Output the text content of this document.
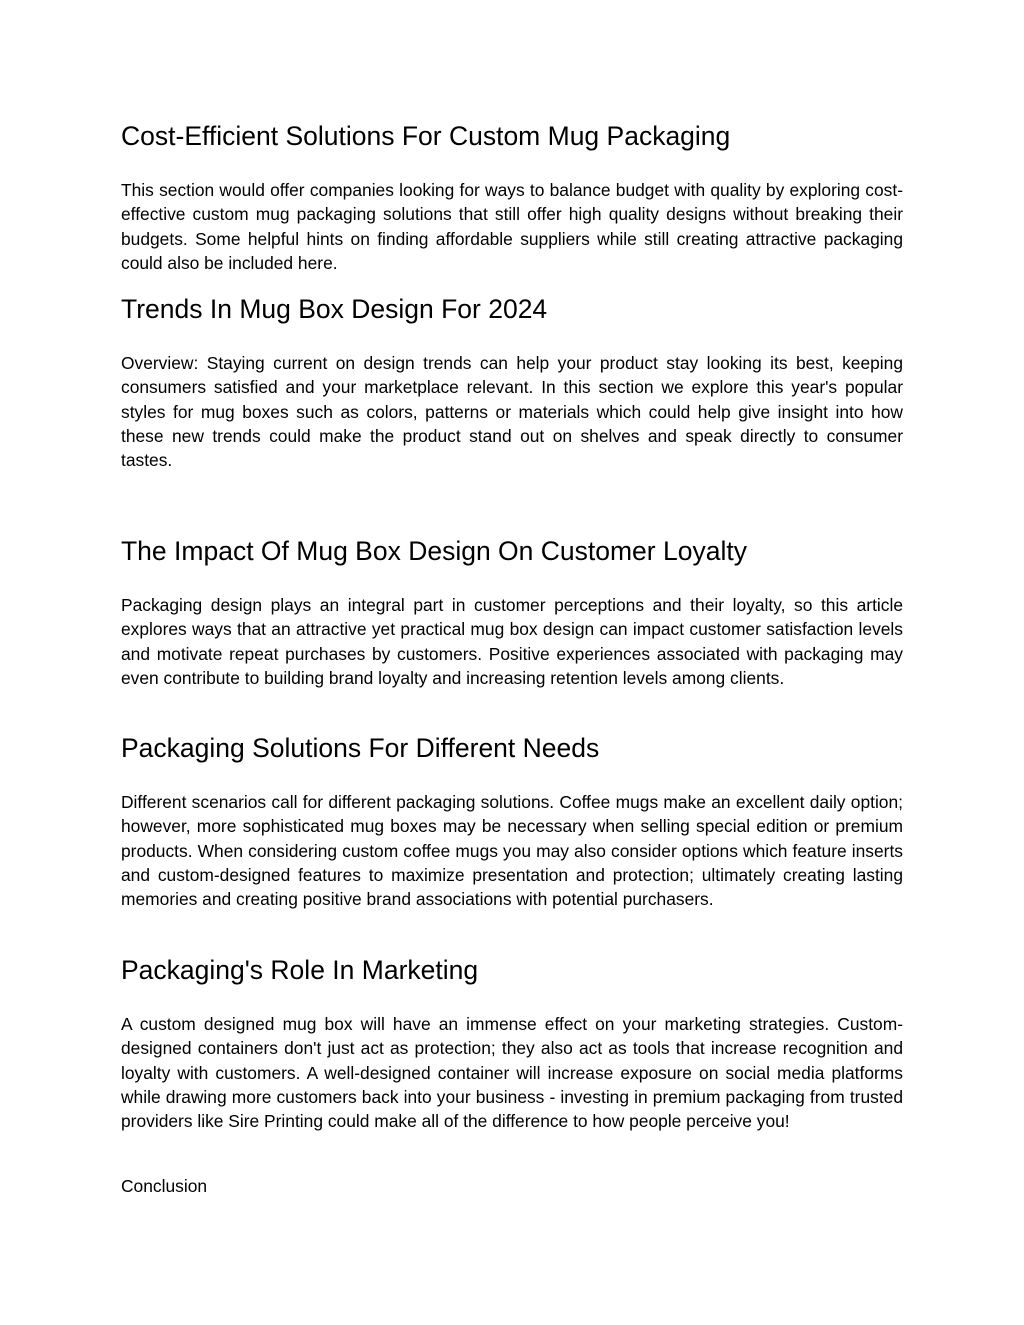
Cost-Efficient Solutions For Custom Mug Packaging

This section would offer companies looking for ways to balance budget with quality by exploring cost-effective custom mug packaging solutions that still offer high quality designs without breaking their budgets. Some helpful hints on finding affordable suppliers while still creating attractive packaging could also be included here.

Trends In Mug Box Design For 2024

Overview: Staying current on design trends can help your product stay looking its best, keeping consumers satisfied and your marketplace relevant. In this section we explore this year's popular styles for mug boxes such as colors, patterns or materials which could help give insight into how these new trends could make the product stand out on shelves and speak directly to consumer tastes.

The Impact Of Mug Box Design On Customer Loyalty

Packaging design plays an integral part in customer perceptions and their loyalty, so this article explores ways that an attractive yet practical mug box design can impact customer satisfaction levels and motivate repeat purchases by customers. Positive experiences associated with packaging may even contribute to building brand loyalty and increasing retention levels among clients.

Packaging Solutions For Different Needs

Different scenarios call for different packaging solutions. Coffee mugs make an excellent daily option; however, more sophisticated mug boxes may be necessary when selling special edition or premium products. When considering custom coffee mugs you may also consider options which feature inserts and custom-designed features to maximize presentation and protection; ultimately creating lasting memories and creating positive brand associations with potential purchasers.

Packaging's Role In Marketing

A custom designed mug box will have an immense effect on your marketing strategies. Custom-designed containers don't just act as protection; they also act as tools that increase recognition and loyalty with customers. A well-designed container will increase exposure on social media platforms while drawing more customers back into your business - investing in premium packaging from trusted providers like Sire Printing could make all of the difference to how people perceive you!

Conclusion
